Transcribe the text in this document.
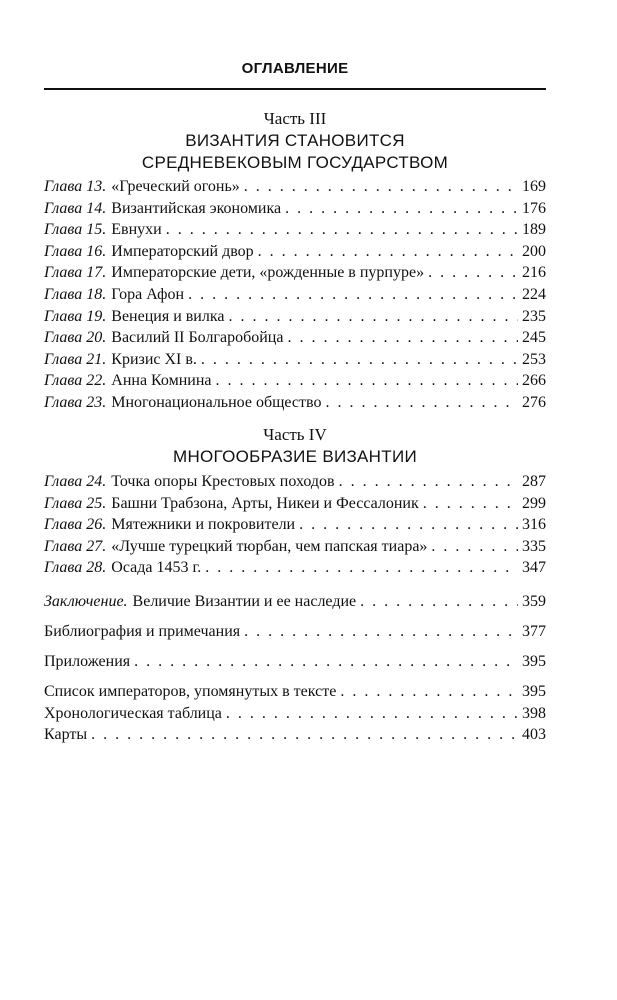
ОГЛАВЛЕНИЕ
Часть III
ВИЗАНТИЯ СТАНОВИТСЯ
СРЕДНЕВЕКОВЫМ ГОСУДАРСТВОМ
Глава 13. «Греческий огонь» . . .	169
Глава 14. Византийская экономика . . .	176
Глава 15. Евнухи . . .	189
Глава 16. Императорский двор . . .	200
Глава 17. Императорские дети, «рожденные в пурпуре» . . .	216
Глава 18. Гора Афон . . .	224
Глава 19. Венеция и вилка . . .	235
Глава 20. Василий II Болгаробойца . . .	245
Глава 21. Кризис XI в. . . .	253
Глава 22. Анна Комнина . . .	266
Глава 23. Многонациональное общество . . .	276
Часть IV
МНОГООБРАЗИЕ ВИЗАНТИИ
Глава 24. Точка опоры Крестовых походов . . .	287
Глава 25. Башни Трабзона, Арты, Никеи и Фессалоник . . .	299
Глава 26. Мятежники и покровители . . .	316
Глава 27. «Лучше турецкий тюрбан, чем папская тиара» . . .	335
Глава 28. Осада 1453 г. . . .	347
Заключение. Величие Византии и ее наследие . . .	359
Библиография и примечания . . .	377
Приложения . . .	395
Список императоров, упомянутых в тексте . . .	395
Хронологическая таблица . . .	398
Карты . . .	403
